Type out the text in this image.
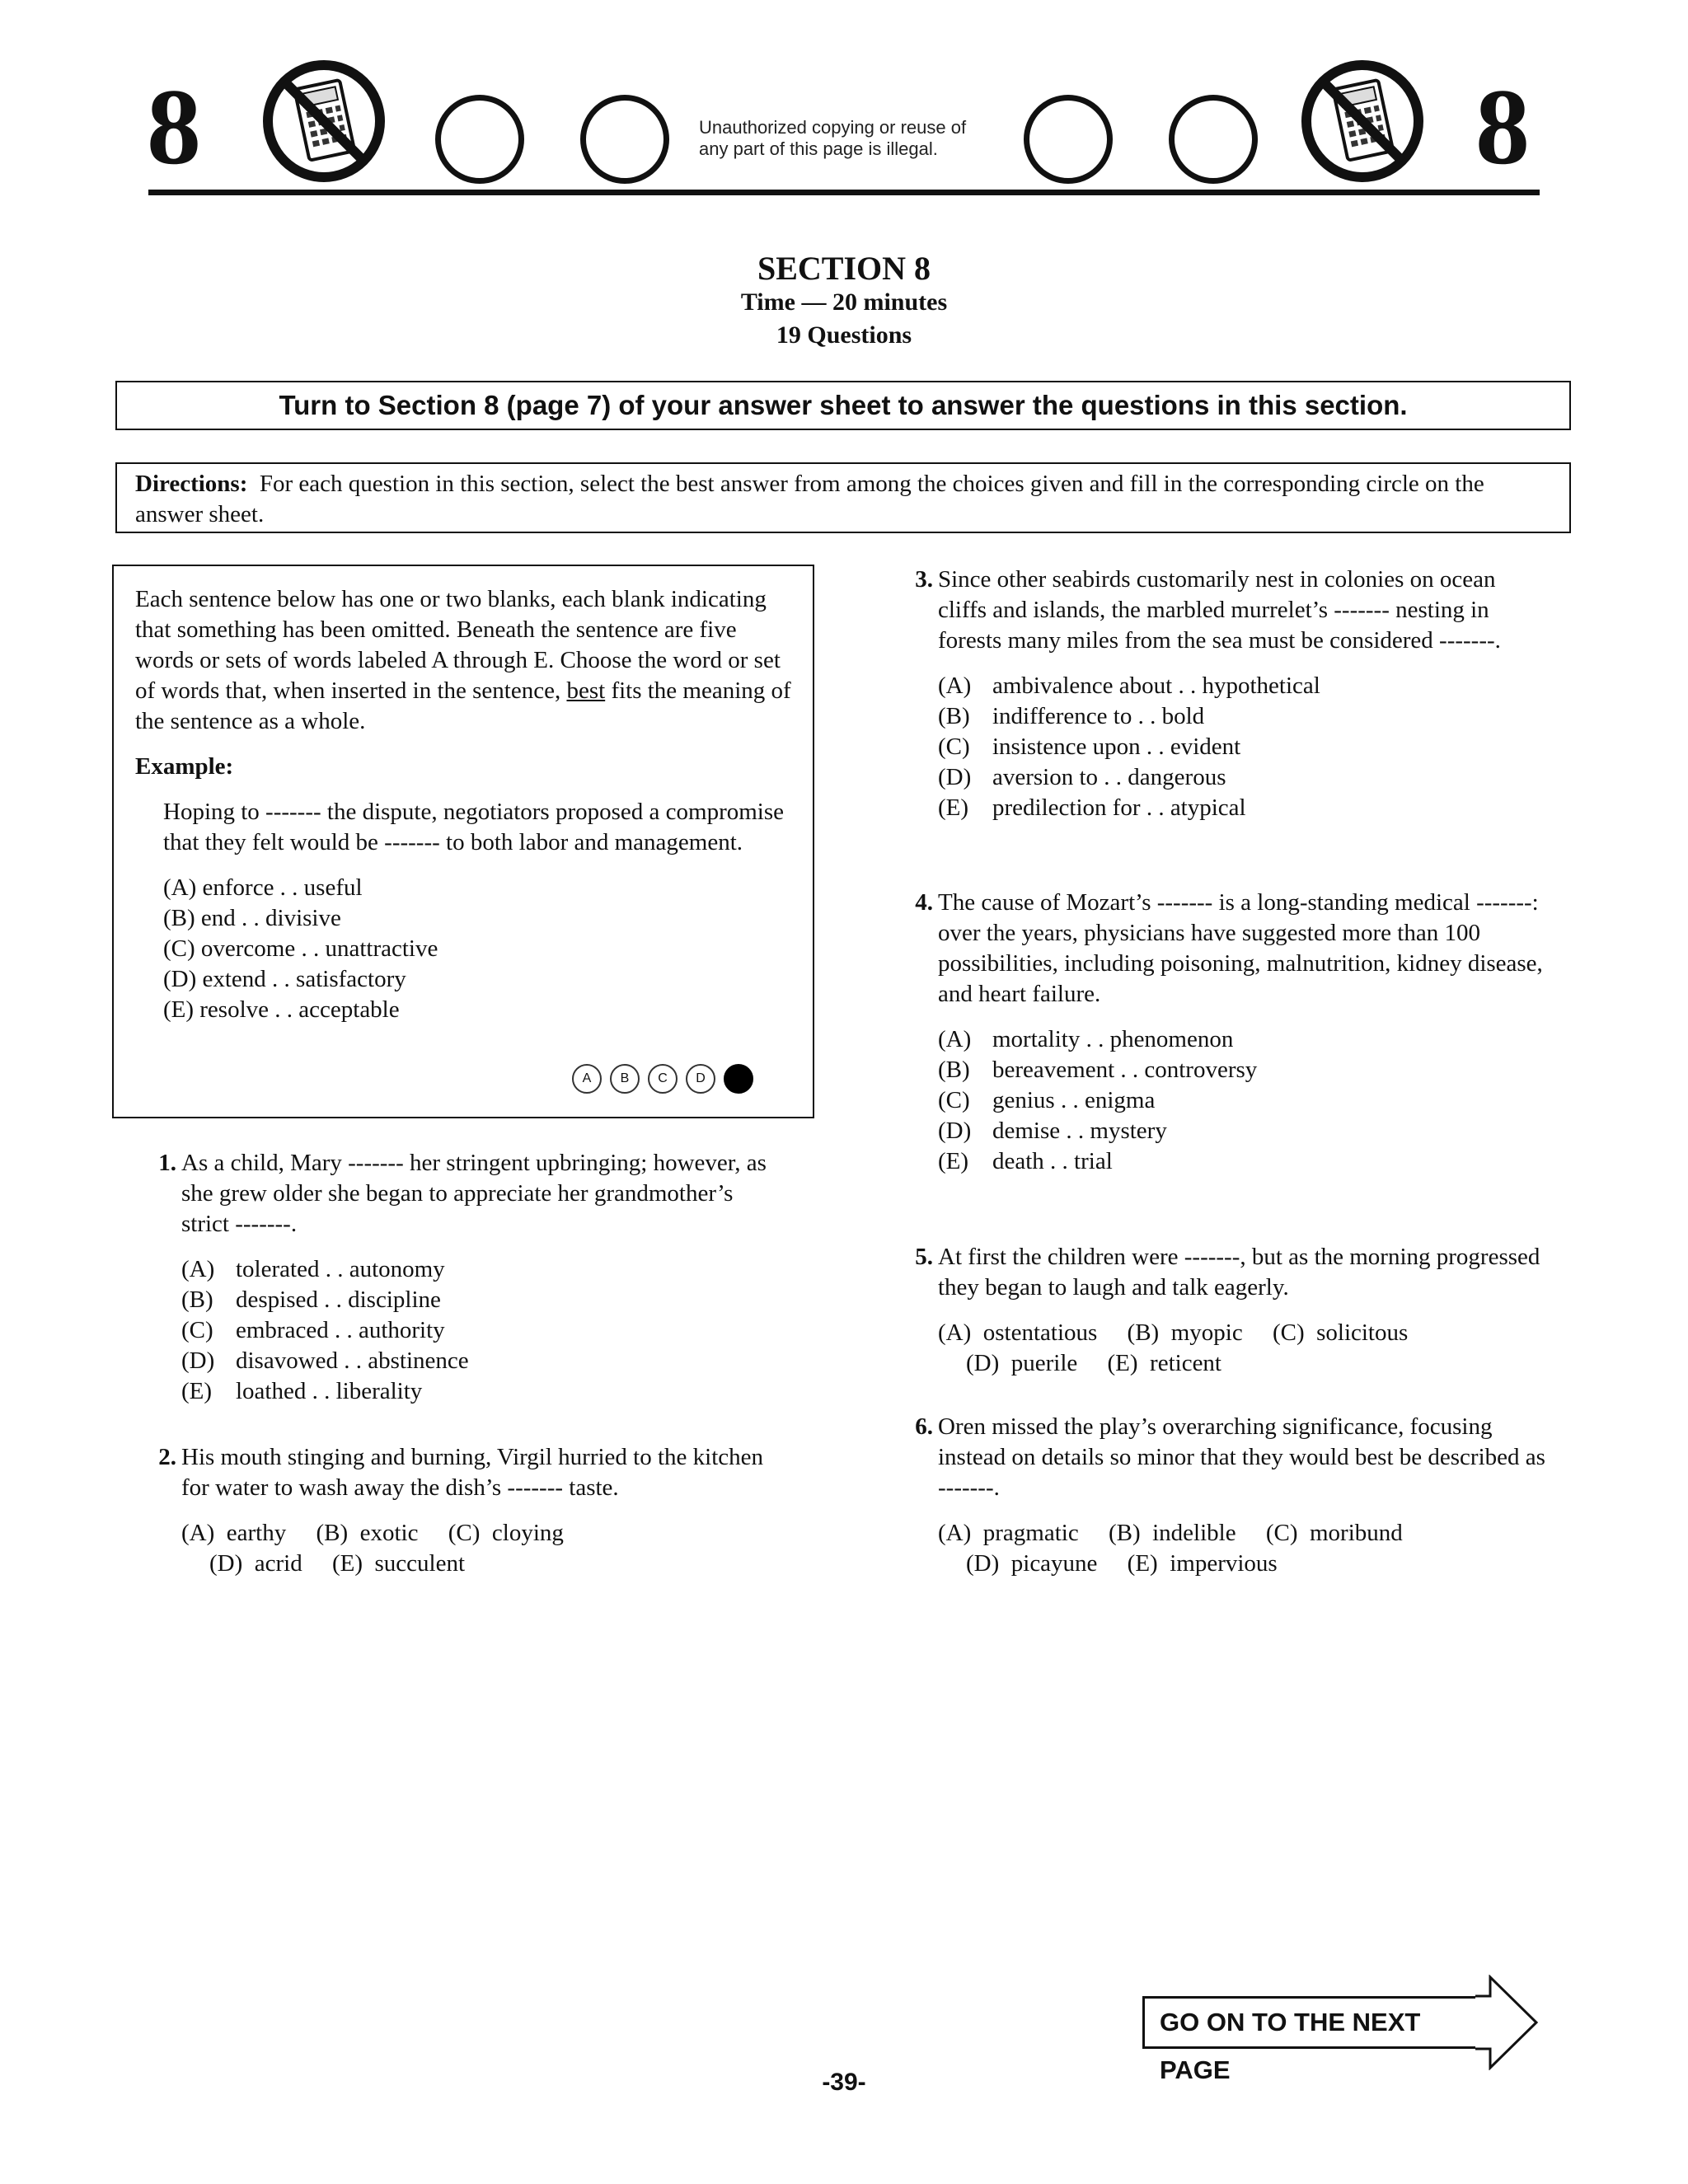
8	Unauthorized copying or reuse of
any part of this page is illegal.	8
SECTION 8
Time — 20 minutes
19 Questions
Turn to Section 8 (page 7) of your answer sheet to answer the questions in this section.
Directions: For each question in this section, select the best answer from among the choices given and fill in the corresponding circle on the answer sheet.
Each sentence below has one or two blanks, each blank indicating that something has been omitted. Beneath the sentence are five words or sets of words labeled A through E. Choose the word or set of words that, when inserted in the sentence, best fits the meaning of the sentence as a whole.
Example:
Hoping to ------- the dispute, negotiators proposed a compromise that they felt would be ------- to both labor and management.
(A) enforce . . useful
(B) end . . divisive
(C) overcome . . unattractive
(D) extend . . satisfactory
(E) resolve . . acceptable
A	B	C	D
1. As a child, Mary ------- her stringent upbringing; however, as she grew older she began to appreciate her grandmother’s strict -------.
(A) tolerated . . autonomy
(B) despised . . discipline
(C) embraced . . authority
(D) disavowed . . abstinence
(E) loathed . . liberality
2. His mouth stinging and burning, Virgil hurried to the kitchen for water to wash away the dish’s ------- taste.
(A)  earthy     (B)  exotic     (C)  cloying
(D)  acrid     (E)  succulent
3. Since other seabirds customarily nest in colonies on ocean cliffs and islands, the marbled murrelet’s ------- nesting in forests many miles from the sea must be considered -------.
(A) ambivalence about . . hypothetical
(B) indifference to . . bold
(C) insistence upon . . evident
(D) aversion to . . dangerous
(E) predilection for . . atypical
4. The cause of Mozart’s ------- is a long-standing medical -------: over the years, physicians have suggested more than 100 possibilities, including poisoning, malnutrition, kidney disease, and heart failure.
(A) mortality . . phenomenon
(B) bereavement . . controversy
(C) genius . . enigma
(D) demise . . mystery
(E) death . . trial
5. At first the children were -------, but as the morning progressed they began to laugh and talk eagerly.
(A)  ostentatious     (B)  myopic     (C)  solicitous
(D)  puerile     (E)  reticent
6. Oren missed the play’s overarching significance, focusing instead on details so minor that they would best be described as -------.
(A)  pragmatic     (B)  indelible     (C)  moribund
(D)  picayune     (E)  impervious
GO ON TO THE NEXT PAGE
-39-
